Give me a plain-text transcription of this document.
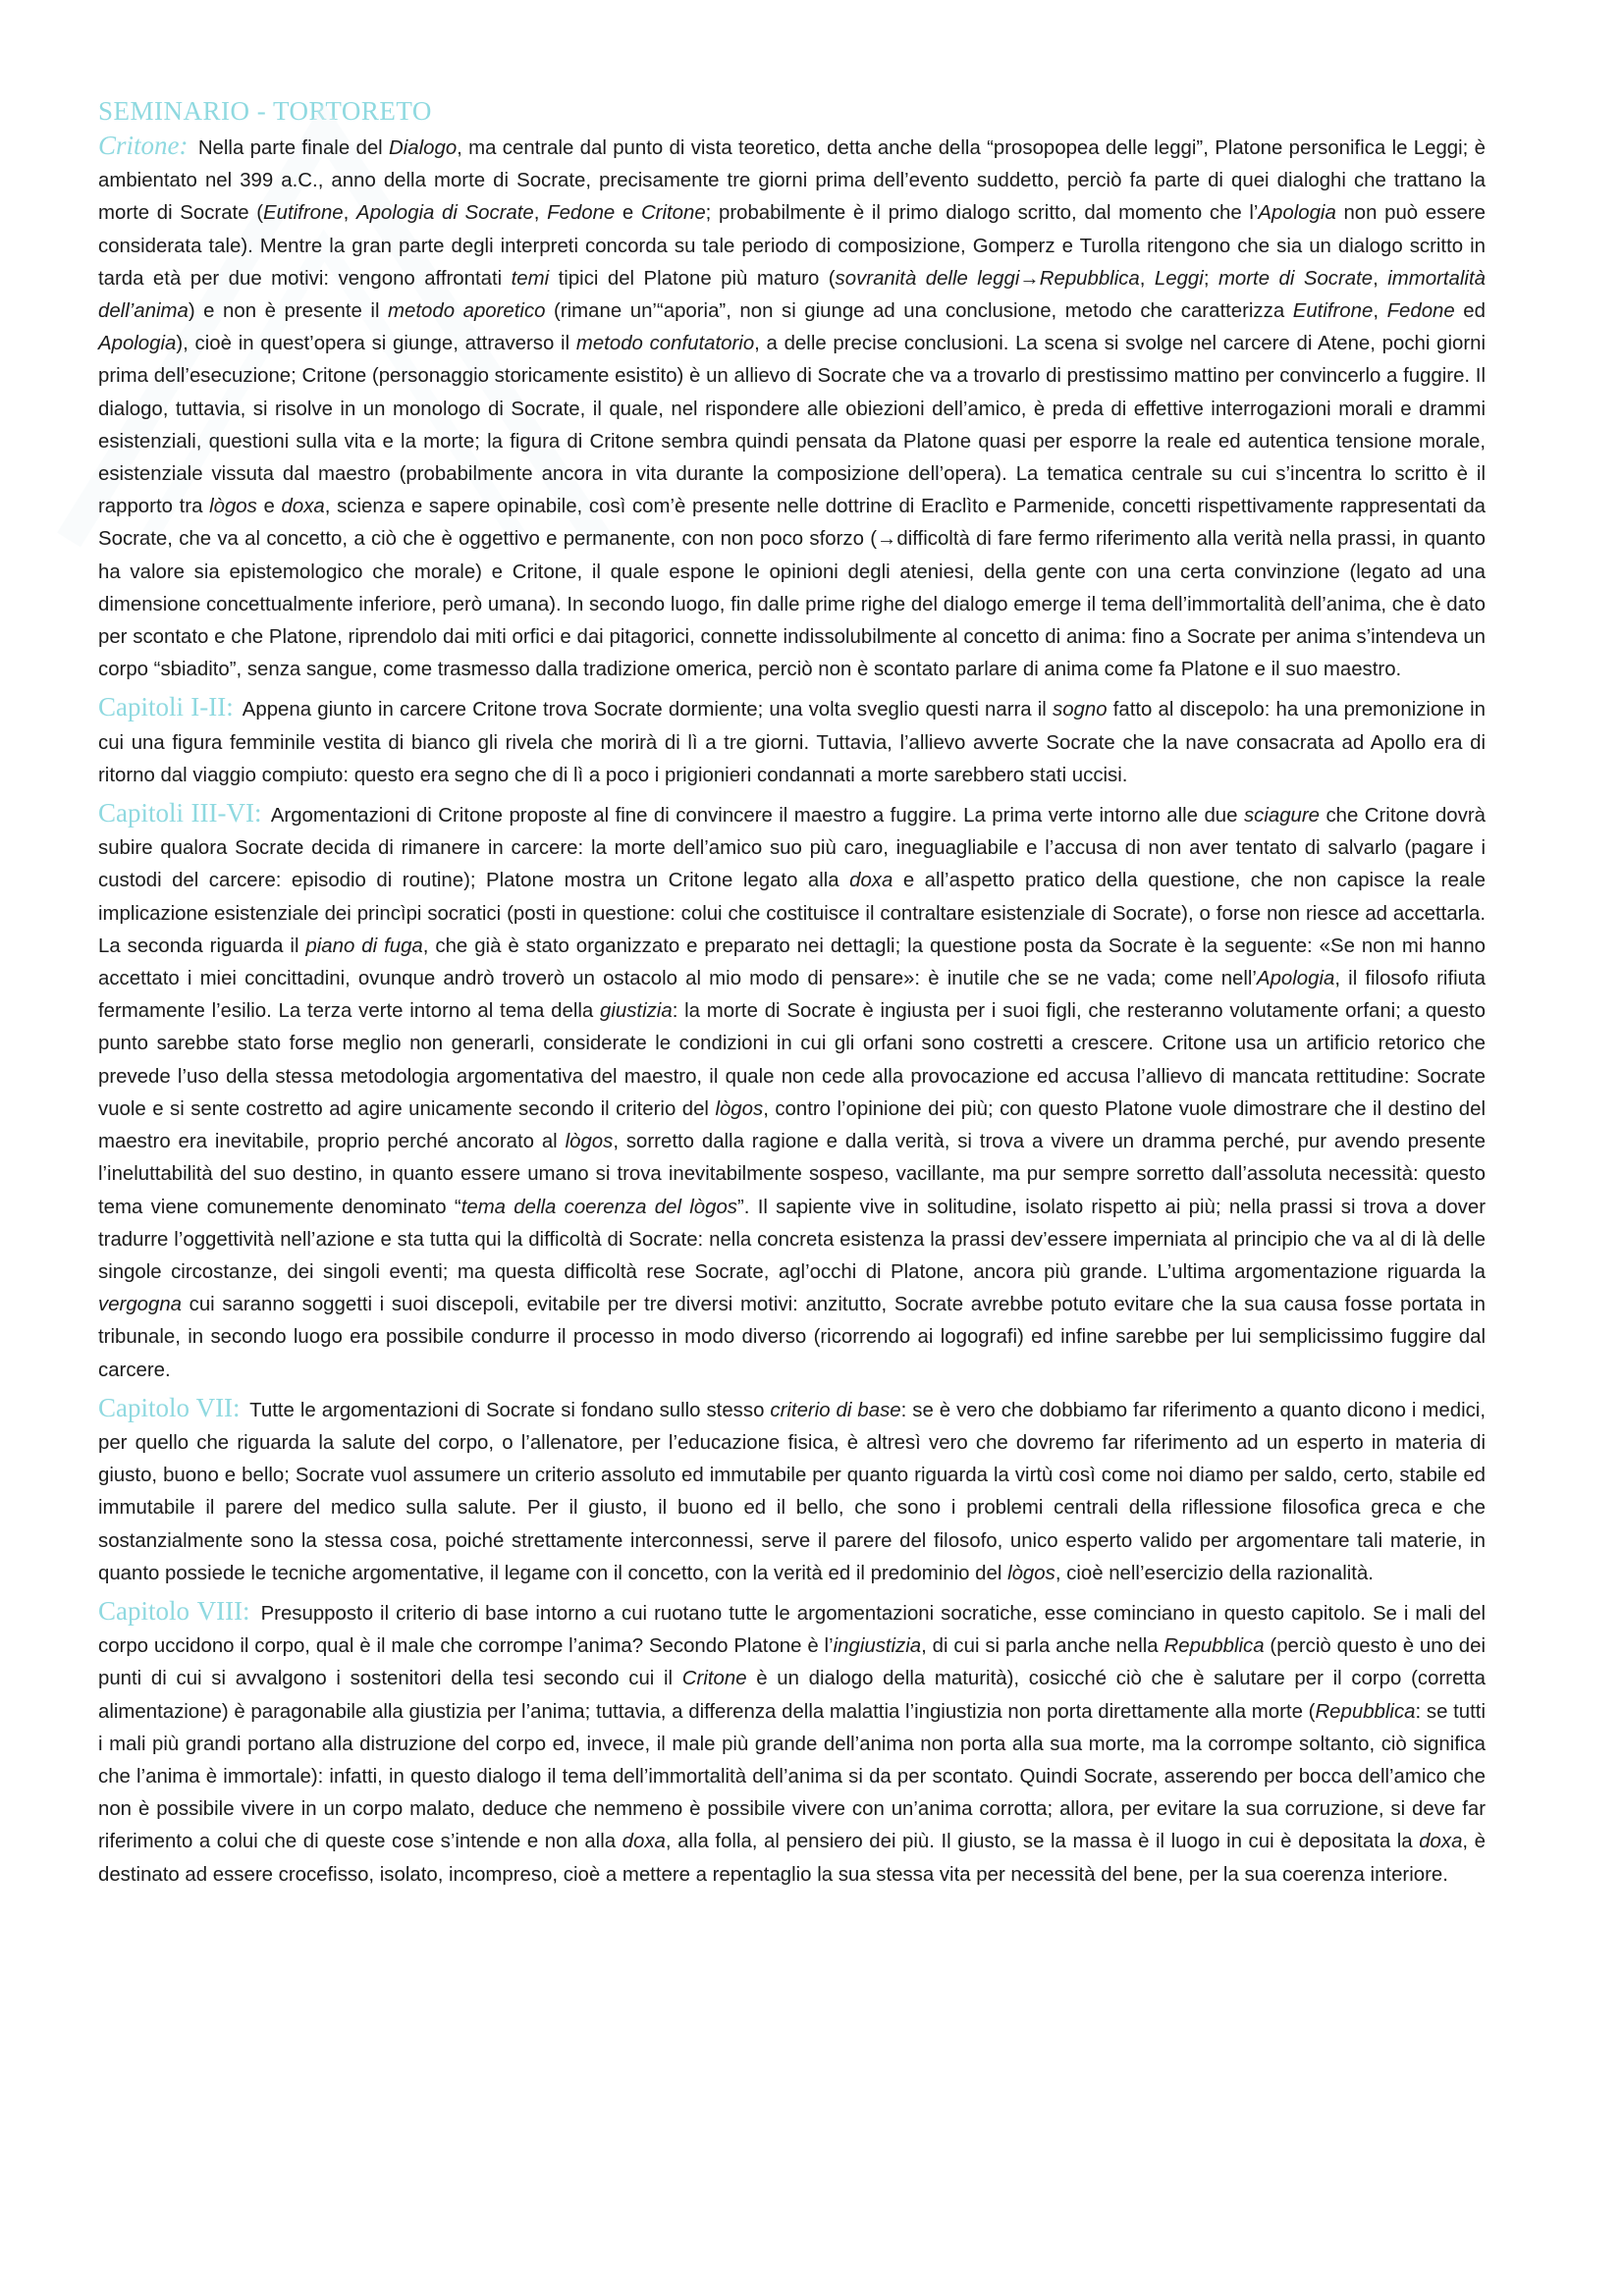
SEMINARIO - TORTORETO

Critone: Nella parte finale del Dialogo, ma centrale dal punto di vista teoretico, detta anche della “prosopopea delle leggi”, Platone personifica le Leggi; è ambientato nel 399 a.C., anno della morte di Socrate, precisamente tre giorni prima dell’evento suddetto, perciò fa parte di quei dialoghi che trattano la morte di Socrate (Eutifrone, Apologia di Socrate, Fedone e Critone; probabilmente è il primo dialogo scritto, dal momento che l’Apologia non può essere considerata tale). Mentre la gran parte degli interpreti concorda su tale periodo di composizione, Gomperz e Turolla ritengono che sia un dialogo scritto in tarda età per due motivi: vengono affrontati temi tipici del Platone più maturo (sovranità delle leggi→Repubblica, Leggi; morte di Socrate, immortalità dell’anima) e non è presente il metodo aporetico (rimane un’“aporia”, non si giunge ad una conclusione, metodo che caratterizza Eutifrone, Fedone ed Apologia), cioè in quest’opera si giunge, attraverso il metodo confutatorio, a delle precise conclusioni. La scena si svolge nel carcere di Atene, pochi giorni prima dell’esecuzione; Critone (personaggio storicamente esistito) è un allievo di Socrate che va a trovarlo di prestissimo mattino per convincerlo a fuggire. Il dialogo, tuttavia, si risolve in un monologo di Socrate, il quale, nel rispondere alle obiezioni dell’amico, è preda di effettive interrogazioni morali e drammi esistenziali, questioni sulla vita e la morte; la figura di Critone sembra quindi pensata da Platone quasi per esporre la reale ed autentica tensione morale, esistenziale vissuta dal maestro (probabilmente ancora in vita durante la composizione dell’opera). La tematica centrale su cui s’incentra lo scritto è il rapporto tra lògos e doxa, scienza e sapere opinabile, così com’è presente nelle dottrine di Eraclìto e Parmenide, concetti rispettivamente rappresentati da Socrate, che va al concetto, a ciò che è oggettivo e permanente, con non poco sforzo (→difficoltà di fare fermo riferimento alla verità nella prassi, in quanto ha valore sia epistemologico che morale) e Critone, il quale espone le opinioni degli ateniesi, della gente con una certa convinzione (legato ad una dimensione concettualmente inferiore, però umana). In secondo luogo, fin dalle prime righe del dialogo emerge il tema dell’immortalità dell’anima, che è dato per scontato e che Platone, riprendolo dai miti orfici e dai pitagorici, connette indissolubilmente al concetto di anima: fino a Socrate per anima s’intendeva un corpo “sbiadito”, senza sangue, come trasmesso dalla tradizione omerica, perciò non è scontato parlare di anima come fa Platone e il suo maestro.

Capitoli I-II: Appena giunto in carcere Critone trova Socrate dormiente; una volta sveglio questi narra il sogno fatto al discepolo: ha una premonizione in cui una figura femminile vestita di bianco gli rivela che morirà di lì a tre giorni. Tuttavia, l’allievo avverte Socrate che la nave consacrata ad Apollo era di ritorno dal viaggio compiuto: questo era segno che di lì a poco i prigionieri condannati a morte sarebbero stati uccisi.

Capitoli III-VI: Argomentazioni di Critone proposte al fine di convincere il maestro a fuggire. La prima verte intorno alle due sciagure che Critone dovrà subire qualora Socrate decida di rimanere in carcere: la morte dell’amico suo più caro, ineguagliabile e l’accusa di non aver tentato di salvarlo (pagare i custodi del carcere: episodio di routine); Platone mostra un Critone legato alla doxa e all’aspetto pratico della questione, che non capisce la reale implicazione esistenziale dei princìpi socratici (posti in questione: colui che costituisce il contraltare esistenziale di Socrate), o forse non riesce ad accettarla. La seconda riguarda il piano di fuga, che già è stato organizzato e preparato nei dettagli; la questione posta da Socrate è la seguente: «Se non mi hanno accettato i miei concittadini, ovunque andrò troverò un ostacolo al mio modo di pensare»: è inutile che se ne vada; come nell’Apologia, il filosofo rifiuta fermamente l’esilio. La terza verte intorno al tema della giustizia: la morte di Socrate è ingiusta per i suoi figli, che resteranno volutamente orfani; a questo punto sarebbe stato forse meglio non generarli, considerate le condizioni in cui gli orfani sono costretti a crescere. Critone usa un artificio retorico che prevede l’uso della stessa metodologia argomentativa del maestro, il quale non cede alla provocazione ed accusa l’allievo di mancata rettitudine: Socrate vuole e si sente costretto ad agire unicamente secondo il criterio del lògos, contro l’opinione dei più; con questo Platone vuole dimostrare che il destino del maestro era inevitabile, proprio perché ancorato al lògos, sorretto dalla ragione e dalla verità, si trova a vivere un dramma perché, pur avendo presente l’ineluttabilità del suo destino, in quanto essere umano si trova inevitabilmente sospeso, vacillante, ma pur sempre sorretto dall’assoluta necessità: questo tema viene comunemente denominato “tema della coerenza del lògos”. Il sapiente vive in solitudine, isolato rispetto ai più; nella prassi si trova a dover tradurre l’oggettività nell’azione e sta tutta qui la difficoltà di Socrate: nella concreta esistenza la prassi dev’essere imperniata al principio che va al di là delle singole circostanze, dei singoli eventi; ma questa difficoltà rese Socrate, agl’occhi di Platone, ancora più grande. L’ultima argomentazione riguarda la vergogna cui saranno soggetti i suoi discepoli, evitabile per tre diversi motivi: anzitutto, Socrate avrebbe potuto evitare che la sua causa fosse portata in tribunale, in secondo luogo era possibile condurre il processo in modo diverso (ricorrendo ai logografi) ed infine sarebbe per lui semplicissimo fuggire dal carcere.

Capitolo VII: Tutte le argomentazioni di Socrate si fondano sullo stesso criterio di base: se è vero che dobbiamo far riferimento a quanto dicono i medici, per quello che riguarda la salute del corpo, o l’allenatore, per l’educazione fisica, è altresì vero che dovremo far riferimento ad un esperto in materia di giusto, buono e bello; Socrate vuol assumere un criterio assoluto ed immutabile per quanto riguarda la virtù così come noi diamo per saldo, certo, stabile ed immutabile il parere del medico sulla salute. Per il giusto, il buono ed il bello, che sono i problemi centrali della riflessione filosofica greca e che sostanzialmente sono la stessa cosa, poiché strettamente interconnessi, serve il parere del filosofo, unico esperto valido per argomentare tali materie, in quanto possiede le tecniche argomentative, il legame con il concetto, con la verità ed il predominio del lògos, cioè nell’esercizio della razionalità.

Capitolo VIII: Presupposto il criterio di base intorno a cui ruotano tutte le argomentazioni socratiche, esse cominciano in questo capitolo. Se i mali del corpo uccidono il corpo, qual è il male che corrompe l’anima? Secondo Platone è l’ingiustizia, di cui si parla anche nella Repubblica (perciò questo è uno dei punti di cui si avvalgono i sostenitori della tesi secondo cui il Critone è un dialogo della maturità), cosicché ciò che è salutare per il corpo (corretta alimentazione) è paragonabile alla giustizia per l’anima; tuttavia, a differenza della malattia l’ingiustizia non porta direttamente alla morte (Repubblica: se tutti i mali più grandi portano alla distruzione del corpo ed, invece, il male più grande dell’anima non porta alla sua morte, ma la corrompe soltanto, ciò significa che l’anima è immortale): infatti, in questo dialogo il tema dell’immortalità dell’anima si da per scontato. Quindi Socrate, asserendo per bocca dell’amico che non è possibile vivere in un corpo malato, deduce che nemmeno è possibile vivere con un’anima corrotta; allora, per evitare la sua corruzione, si deve far riferimento a colui che di queste cose s’intende e non alla doxa, alla folla, al pensiero dei più. Il giusto, se la massa è il luogo in cui è depositata la doxa, è destinato ad essere crocefisso, isolato, incompreso, cioè a mettere a repentaglio la sua stessa vita per necessità del bene, per la sua coerenza interiore.
